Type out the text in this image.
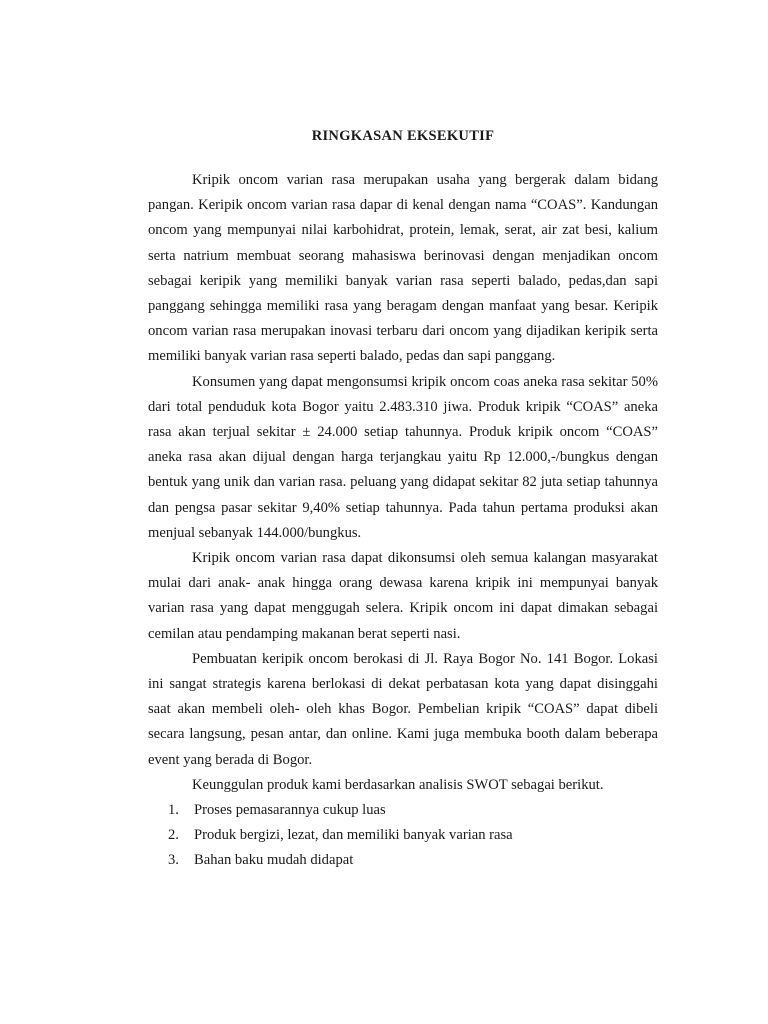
RINGKASAN EKSEKUTIF

Kripik oncom varian rasa merupakan usaha yang bergerak dalam bidang pangan. Keripik oncom varian rasa dapar di kenal dengan nama “COAS”. Kandungan oncom yang mempunyai nilai karbohidrat, protein, lemak, serat, air zat besi, kalium serta natrium membuat seorang mahasiswa berinovasi dengan menjadikan oncom sebagai keripik yang memiliki banyak varian rasa seperti balado, pedas,dan sapi panggang sehingga memiliki rasa yang beragam dengan manfaat yang besar. Keripik oncom varian rasa merupakan inovasi terbaru dari oncom yang dijadikan keripik serta memiliki banyak varian rasa seperti balado, pedas dan sapi panggang.

Konsumen yang dapat mengonsumsi kripik oncom coas aneka rasa sekitar 50% dari total penduduk kota Bogor yaitu 2.483.310 jiwa. Produk kripik “COAS” aneka rasa akan terjual sekitar ± 24.000 setiap tahunnya. Produk kripik oncom “COAS” aneka rasa akan dijual dengan harga terjangkau yaitu Rp 12.000,-/bungkus dengan bentuk yang unik dan varian rasa. peluang yang didapat sekitar 82 juta setiap tahunnya dan pengsa pasar sekitar 9,40% setiap tahunnya. Pada tahun pertama produksi akan menjual sebanyak 144.000/bungkus.

Kripik oncom varian rasa dapat dikonsumsi oleh semua kalangan masyarakat mulai dari anak- anak hingga orang dewasa karena kripik ini mempunyai banyak varian rasa yang dapat menggugah selera. Kripik oncom ini dapat dimakan sebagai cemilan atau pendamping makanan berat seperti nasi.

Pembuatan keripik oncom berokasi di Jl. Raya Bogor No. 141 Bogor. Lokasi ini sangat strategis karena berlokasi di dekat perbatasan kota yang dapat disinggahi saat akan membeli oleh- oleh khas Bogor. Pembelian kripik “COAS” dapat dibeli secara langsung, pesan antar, dan online. Kami juga membuka booth dalam beberapa event yang berada di Bogor.

Keunggulan produk kami berdasarkan analisis SWOT sebagai berikut.

1.	Proses pemasarannya cukup luas
2.	Produk bergizi, lezat, dan memiliki banyak varian rasa
3.	Bahan baku mudah didapat
